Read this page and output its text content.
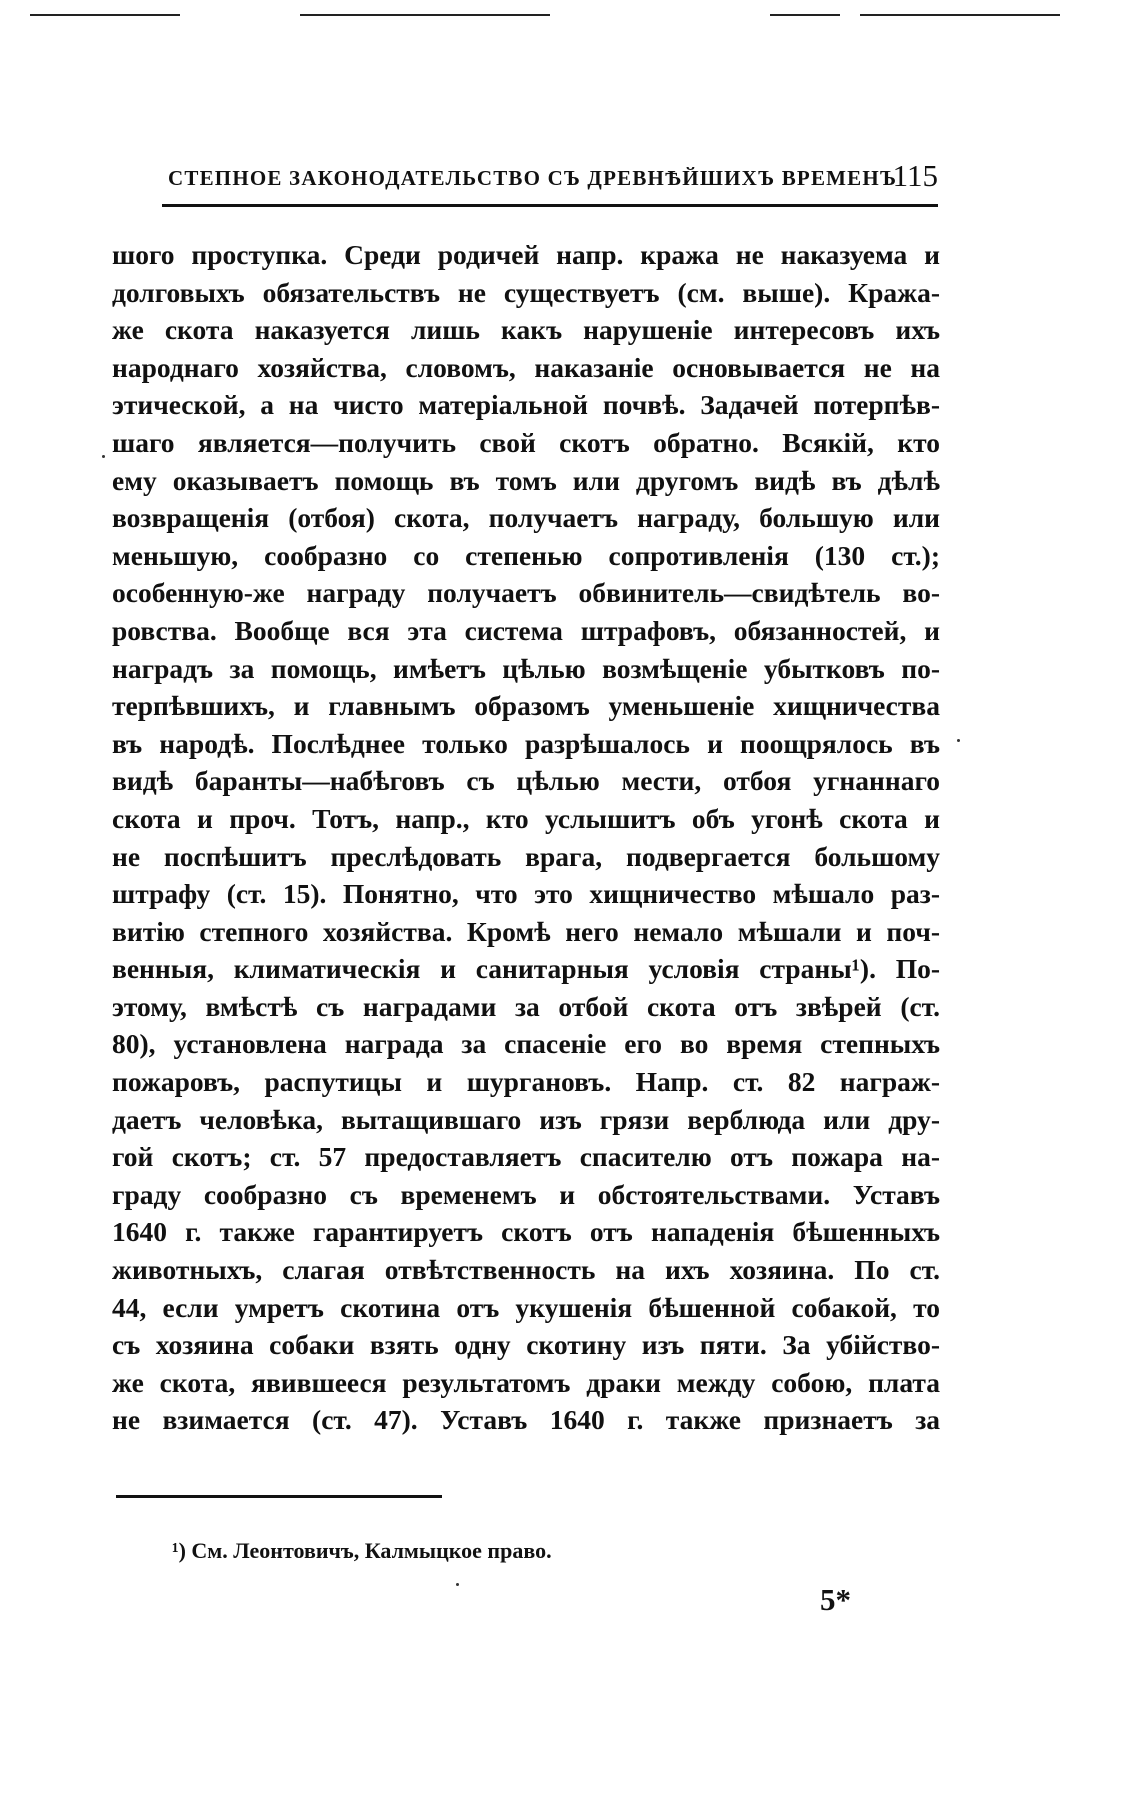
СТЕПНОЕ ЗАКОНОДАТЕЛЬСТВО СЪ ДРЕВНѢЙШИХЪ ВРЕМЕНЪ
115
шого проступка. Среди родичей напр. кража не наказуема и
долговыхъ обязательствъ не существуетъ (см. выше). Кража-
же скота наказуется лишь какъ нарушеніе интересовъ ихъ
народнаго хозяйства, словомъ, наказаніе основывается не на
этической, а на чисто матеріальной почвѣ. Задачей потерпѣв-
шаго является—получить свой скотъ обратно. Всякій, кто
ему оказываетъ помощь въ томъ или другомъ видѣ въ дѣлѣ
возвращенія (отбоя) скота, получаетъ награду, большую или
меньшую, сообразно со степенью сопротивленія (130 ст.);
особенную-же награду получаетъ обвинитель—свидѣтель во-
ровства. Вообще вся эта система штрафовъ, обязанностей, и
наградъ за помощь, имѣетъ цѣлью возмѣщеніе убытковъ по-
терпѣвшихъ, и главнымъ образомъ уменьшеніе хищничества
въ народѣ. Послѣднее только разрѣшалось и поощрялось въ
видѣ баранты—набѣговъ съ цѣлью мести, отбоя угнаннаго
скота и проч. Тотъ, напр., кто услышитъ объ угонѣ скота и
не поспѣшитъ преслѣдовать врага, подвергается большому
штрафу (ст. 15). Понятно, что это хищничество мѣшало раз-
витію степного хозяйства. Кромѣ него немало мѣшали и поч-
венныя, климатическія и санитарныя условія страны¹). По-
этому, вмѣстѣ съ наградами за отбой скота отъ звѣрей (ст.
80), установлена награда за спасеніе его во время степныхъ
пожаровъ, распутицы и шургановъ. Напр. ст. 82 награж-
даетъ человѣка, вытащившаго изъ грязи верблюда или дру-
гой скотъ; ст. 57 предоставляетъ спасителю отъ пожара на-
граду сообразно съ временемъ и обстоятельствами. Уставъ
1640 г. также гарантируетъ скотъ отъ нападенія бѣшенныхъ
животныхъ, слагая отвѣтственность на ихъ хозяина. По ст.
44, если умретъ скотина отъ укушенія бѣшенной собакой, то
съ хозяина собаки взять одну скотину изъ пяти. За убійство-
же скота, явившееся результатомъ драки между собою, плата
не взимается (ст. 47). Уставъ 1640 г. также признаетъ за
¹) См. Леонтовичъ, Калмыцкое право.
5*
